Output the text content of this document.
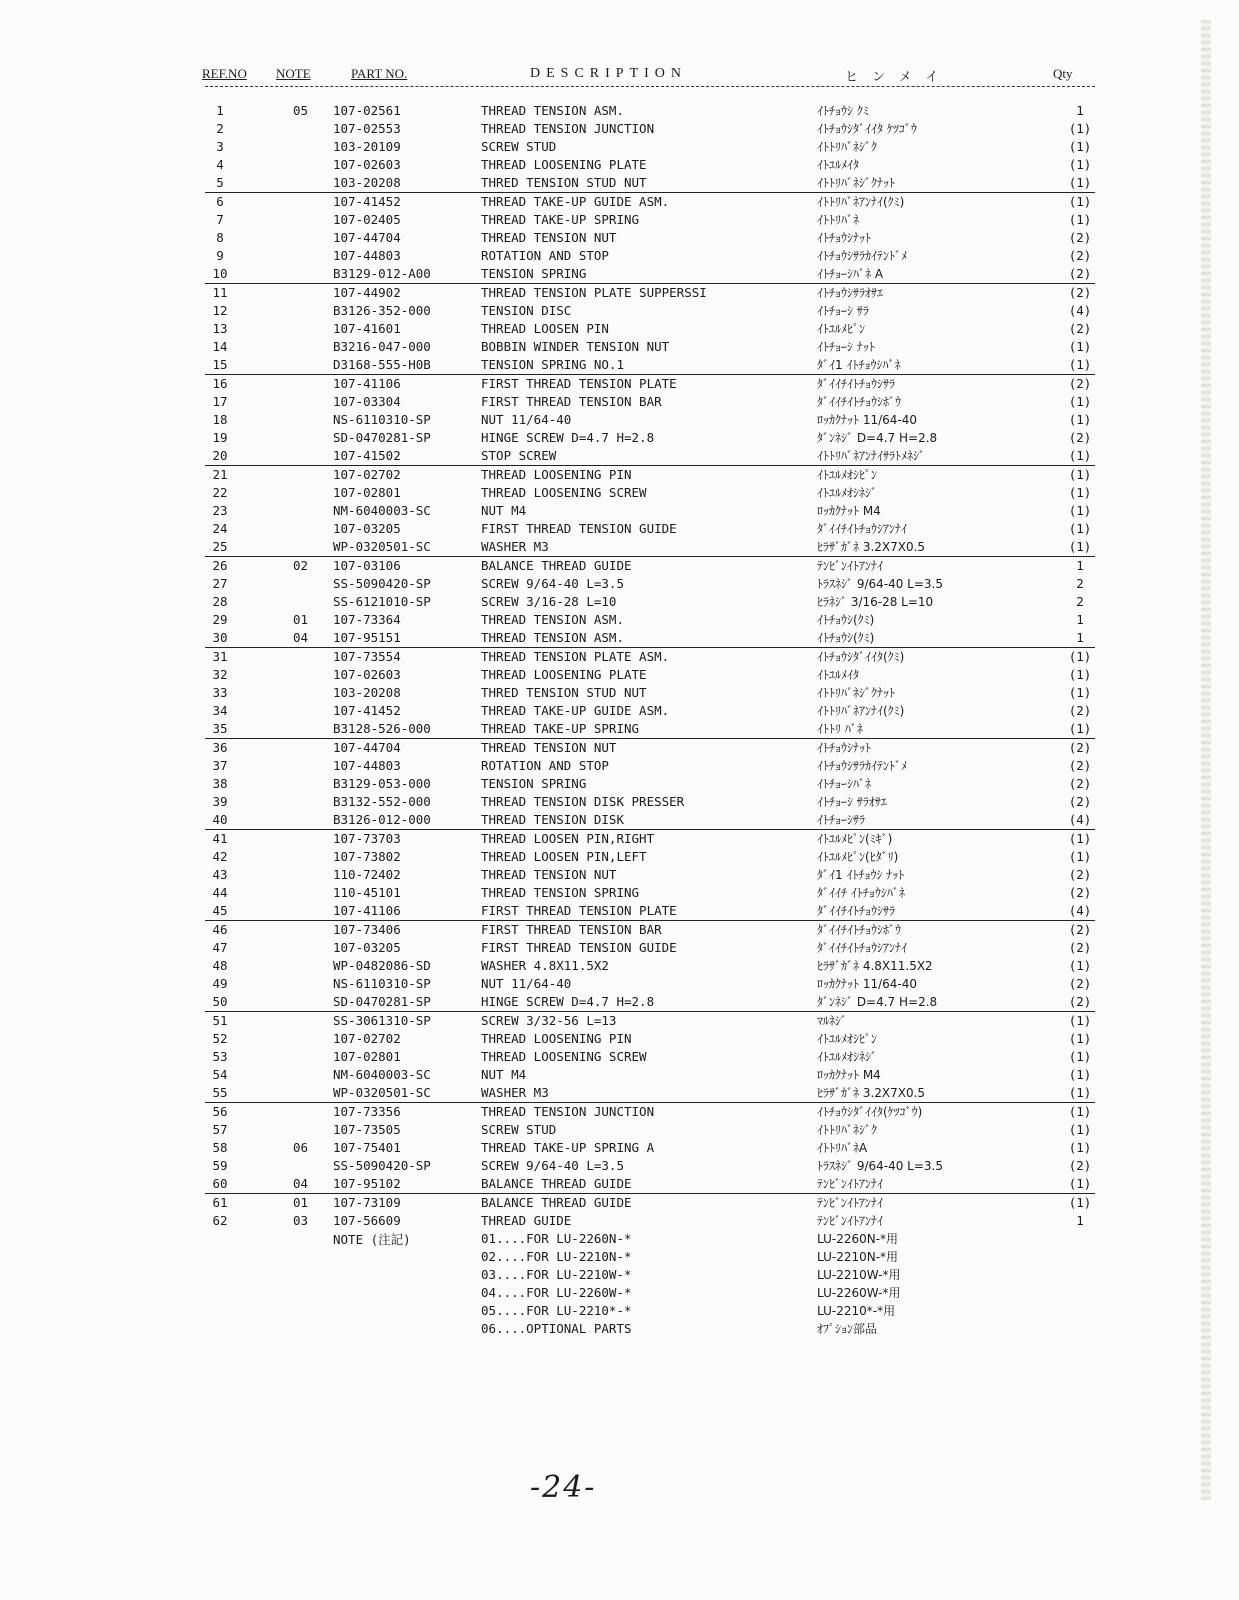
REF.NO NOTE	PART NO.	DESCRIPTION	ヒンメイ	Qty
1	05 107-02561	THREAD TENSION ASM.	ｲﾄﾁｮｳｼ ｸﾐ	1
2	107-02553	THREAD TENSION JUNCTION	ｲﾄﾁｮｳｼﾀﾞｲｲﾀ ｹﾂｺﾞｳ	(1)
3	103-20109	SCREW STUD	ｲﾄﾄﾘﾊﾞﾈｼﾞｸ	(1)
4	107-02603	THREAD LOOSENING PLATE	ｲﾄﾕﾙﾒｲﾀ	(1)
5	103-20208	THRED TENSION STUD NUT	ｲﾄﾄﾘﾊﾞﾈｼﾞｸﾅｯﾄ	(1)
6	107-41452	THREAD TAKE-UP GUIDE ASM.	ｲﾄﾄﾘﾊﾞﾈｱﾝﾅｲ(ｸﾐ)	(1)
7	107-02405	THREAD TAKE-UP SPRING	ｲﾄﾄﾘﾊﾞﾈ	(1)
8	107-44704	THREAD TENSION NUT	ｲﾄﾁｮｳｼﾅｯﾄ	(2)
9	107-44803	ROTATION AND STOP	ｲﾄﾁｮｳｼｻﾗｶｲﾃﾝﾄﾞﾒ	(2)
10	B3129-012-A00	TENSION SPRING	ｲﾄﾁｮｰｼﾊﾞﾈ A	(2)
11	107-44902	THREAD TENSION PLATE SUPPERSSI	ｲﾄﾁｮｳｼｻﾗｵｻｴ	(2)
12	B3126-352-000	TENSION DISC	ｲﾄﾁｮｰｼ ｻﾗ	(4)
13	107-41601	THREAD LOOSEN PIN	ｲﾄﾕﾙﾒﾋﾟﾝ	(2)
14	B3216-047-000	BOBBIN WINDER TENSION NUT	ｲﾄﾁｮｰｼ ﾅｯﾄ	(1)
15	D3168-555-H0B	TENSION SPRING NO.1	ﾀﾞｲ1 ｲﾄﾁｮｳｼﾊﾞﾈ	(1)
16	107-41106	FIRST THREAD TENSION PLATE	ﾀﾞｲｲﾁｲﾄﾁｮｳｼｻﾗ	(2)
17	107-03304	FIRST THREAD TENSION BAR	ﾀﾞｲｲﾁｲﾄﾁｮｳｼﾎﾞｳ	(1)
18	NS-6110310-SP	NUT 11/64-40	ﾛｯｶｸﾅｯﾄ 11/64-40	(1)
19	SD-0470281-SP	HINGE SCREW D=4.7 H=2.8	ﾀﾞﾝﾈｼﾞ D=4.7 H=2.8	(2)
20	107-41502	STOP SCREW	ｲﾄﾄﾘﾊﾞﾈｱﾝﾅｲｻﾗﾄﾒﾈｼﾞ	(1)
21	107-02702	THREAD LOOSENING PIN	ｲﾄﾕﾙﾒｵｼﾋﾟﾝ	(1)
22	107-02801	THREAD LOOSENING SCREW	ｲﾄﾕﾙﾒｵｼﾈｼﾞ	(1)
23	NM-6040003-SC	NUT M4	ﾛｯｶｸﾅｯﾄ M4	(1)
24	107-03205	FIRST THREAD TENSION GUIDE	ﾀﾞｲｲﾁｲﾄﾁｮｳｼｱﾝﾅｲ	(1)
25	WP-0320501-SC	WASHER M3	ﾋﾗｻﾞｶﾞﾈ 3.2X7X0.5	(1)
26	02 107-03106	BALANCE THREAD GUIDE	ﾃﾝﾋﾞﾝｲﾄｱﾝﾅｲ	1
27	SS-5090420-SP	SCREW 9/64-40 L=3.5	ﾄﾗｽﾈｼﾞ 9/64-40 L=3.5	2
28	SS-6121010-SP	SCREW 3/16-28 L=10	ﾋﾗﾈｼﾞ 3/16-28 L=10	2
29	01 107-73364	THREAD TENSION ASM.	ｲﾄﾁｮｳｼ(ｸﾐ)	1
30	04 107-95151	THREAD TENSION ASM.	ｲﾄﾁｮｳｼ(ｸﾐ)	1
31	107-73554	THREAD TENSION PLATE ASM.	ｲﾄﾁｮｳｼﾀﾞｲｲﾀ(ｸﾐ)	(1)
32	107-02603	THREAD LOOSENING PLATE	ｲﾄﾕﾙﾒｲﾀ	(1)
33	103-20208	THRED TENSION STUD NUT	ｲﾄﾄﾘﾊﾞﾈｼﾞｸﾅｯﾄ	(1)
34	107-41452	THREAD TAKE-UP GUIDE ASM.	ｲﾄﾄﾘﾊﾞﾈｱﾝﾅｲ(ｸﾐ)	(2)
35	B3128-526-000	THREAD TAKE-UP SPRING	ｲﾄﾄﾘ ﾊﾞﾈ	(1)
36	107-44704	THREAD TENSION NUT	ｲﾄﾁｮｳｼﾅｯﾄ	(2)
37	107-44803	ROTATION AND STOP	ｲﾄﾁｮｳｼｻﾗｶｲﾃﾝﾄﾞﾒ	(2)
38	B3129-053-000	TENSION SPRING	ｲﾄﾁｮｰｼﾊﾞﾈ	(2)
39	B3132-552-000	THREAD TENSION DISK PRESSER	ｲﾄﾁｮｰｼ ｻﾗｵｻｴ	(2)
40	B3126-012-000	THREAD TENSION DISK	ｲﾄﾁｮｰｼｻﾗ	(4)
41	107-73703	THREAD LOOSEN PIN,RIGHT	ｲﾄﾕﾙﾒﾋﾟﾝ(ﾐｷﾞ)	(1)
42	107-73802	THREAD LOOSEN PIN,LEFT	ｲﾄﾕﾙﾒﾋﾟﾝ(ﾋﾀﾞﾘ)	(1)
43	110-72402	THREAD TENSION NUT	ﾀﾞｲ1 ｲﾄﾁｮｳｼ ﾅｯﾄ	(2)
44	110-45101	THREAD TENSION SPRING	ﾀﾞｲｲﾁ ｲﾄﾁｮｳｼﾊﾞﾈ	(2)
45	107-41106	FIRST THREAD TENSION PLATE	ﾀﾞｲｲﾁｲﾄﾁｮｳｼｻﾗ	(4)
46	107-73406	FIRST THREAD TENSION BAR	ﾀﾞｲｲﾁｲﾄﾁｮｳｼﾎﾞｳ	(2)
47	107-03205	FIRST THREAD TENSION GUIDE	ﾀﾞｲｲﾁｲﾄﾁｮｳｼｱﾝﾅｲ	(2)
48	WP-0482086-SD	WASHER 4.8X11.5X2	ﾋﾗｻﾞｶﾞﾈ 4.8X11.5X2	(1)
49	NS-6110310-SP	NUT 11/64-40	ﾛｯｶｸﾅｯﾄ 11/64-40	(2)
50	SD-0470281-SP	HINGE SCREW D=4.7 H=2.8	ﾀﾞﾝﾈｼﾞ D=4.7 H=2.8	(2)
51	SS-3061310-SP	SCREW 3/32-56 L=13	ﾏﾙﾈｼﾞ	(1)
52	107-02702	THREAD LOOSENING PIN	ｲﾄﾕﾙﾒｵｼﾋﾟﾝ	(1)
53	107-02801	THREAD LOOSENING SCREW	ｲﾄﾕﾙﾒｵｼﾈｼﾞ	(1)
54	NM-6040003-SC	NUT M4	ﾛｯｶｸﾅｯﾄ M4	(1)
55	WP-0320501-SC	WASHER M3	ﾋﾗｻﾞｶﾞﾈ 3.2X7X0.5	(1)
56	107-73356	THREAD TENSION JUNCTION	ｲﾄﾁｮｳｼﾀﾞｲｲﾀ(ｹﾂｺﾞｳ)	(1)
57	107-73505	SCREW STUD	ｲﾄﾄﾘﾊﾞﾈｼﾞｸ	(1)
58	06 107-75401	THREAD TAKE-UP SPRING A	ｲﾄﾄﾘﾊﾞﾈA	(1)
59	SS-5090420-SP	SCREW 9/64-40 L=3.5	ﾄﾗｽﾈｼﾞ 9/64-40 L=3.5	(2)
60	04 107-95102	BALANCE THREAD GUIDE	ﾃﾝﾋﾞﾝｲﾄｱﾝﾅｲ	(1)
61	01 107-73109	BALANCE THREAD GUIDE	ﾃﾝﾋﾞﾝｲﾄｱﾝﾅｲ	(1)
62	03 107-56609	THREAD GUIDE	ﾃﾝﾋﾞﾝｲﾄｱﾝﾅｲ	1
NOTE (注記)	01....FOR LU-2260N-*	LU-2260N-*用
02....FOR LU-2210N-*	LU-2210N-*用
03....FOR LU-2210W-*	LU-2210W-*用
04....FOR LU-2260W-*	LU-2260W-*用
05....FOR LU-2210*-*	LU-2210*-*用
06....OPTIONAL PARTS	ｵﾌﾟｼｮﾝ部品
-24-
